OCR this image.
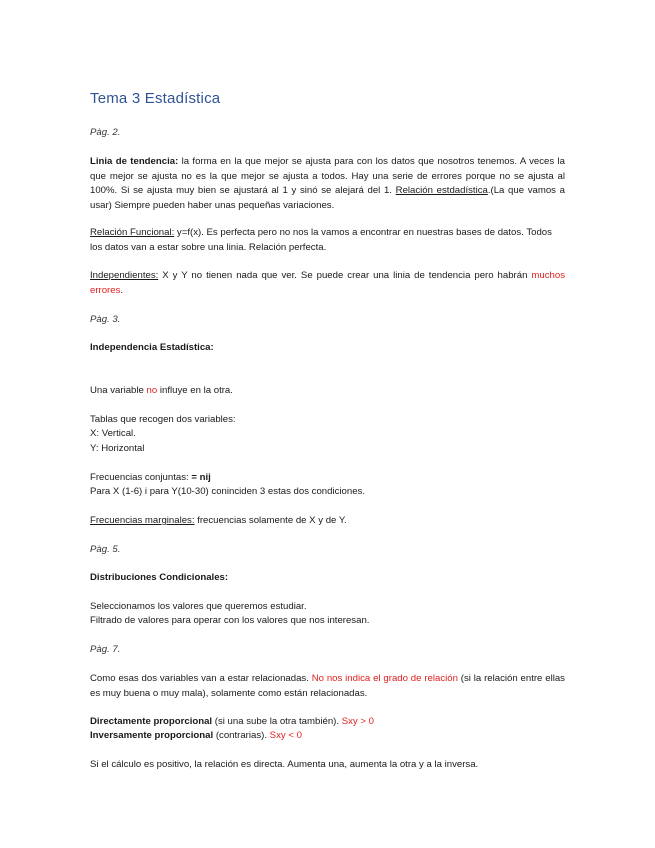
Tema 3 Estadística

Pàg. 2.

Linia de tendencia: la forma en la que mejor se ajusta para con los datos que nosotros tenemos. A veces la que mejor se ajusta no es la que mejor se ajusta a todos. Hay una serie de errores porque no se ajusta al 100%. Si se ajusta muy bien se ajustará al 1 y sinó se alejará del 1. Relación estdadística.(La que vamos a usar) Siempre pueden haber unas pequeñas variaciones.

Relación Funcional: y=f(x). Es perfecta pero no nos la vamos a encontrar en nuestras bases de datos. Todos los datos van a estar sobre una linia. Relación perfecta.

Independientes: X y Y no tienen nada que ver. Se puede crear una linia de tendencia pero habrán muchos errores.

Pàg. 3.

Independencia Estadística:

Una variable no influye en la otra.

Tablas que recogen dos variables:

X: Vertical.

Y: Horizontal

Frecuencias conjuntas: = nij

Para X (1-6) i para Y(10-30) coninciden 3 estas dos condiciones.

Frecuencias marginales: frecuencias solamente de X y de Y.

Pàg. 5.

Distribuciones Condicionales:

Seleccionamos los valores que queremos estudiar.

Filtrado de valores para operar con los valores que nos interesan.

Pàg. 7.

Como esas dos variables van a estar relacionadas. No nos indica el grado de relación (si la relación entre ellas es muy buena o muy mala), solamente como están relacionadas.

Directamente proporcional (si una sube la otra también). Sxy > 0

Inversamente proporcional (contrarias). Sxy < 0

Si el cálculo es positivo, la relación es directa. Aumenta una, aumenta la otra y a la inversa.
